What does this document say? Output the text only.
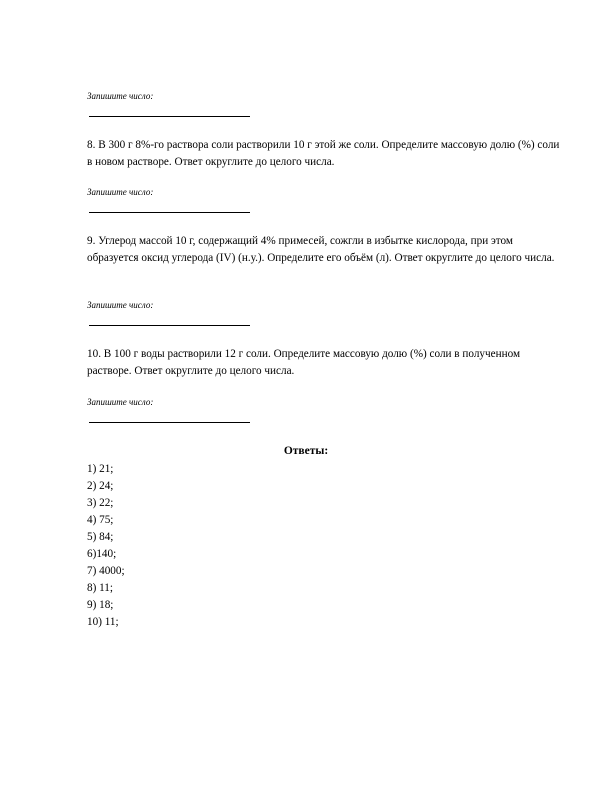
Запишите число:
8. В 300 г 8%-го раствора соли растворили 10 г этой же соли. Определите массовую долю (%) соли в новом растворе. Ответ округлите до целого числа.
Запишите число:
9. Углерод массой 10 г, содержащий 4% примесей, сожгли в избытке кислорода, при этом образуется оксид углерода (IV) (н.у.). Определите его объём (л). Ответ округлите до целого числа.
Запишите число:
10. В 100 г воды растворили 12 г соли. Определите массовую долю (%) соли в полученном растворе. Ответ округлите до целого числа.
Запишите число:
Ответы:
1) 21;
2) 24;
3) 22;
4) 75;
5) 84;
6)140;
7) 4000;
8) 11;
9) 18;
10) 11;
